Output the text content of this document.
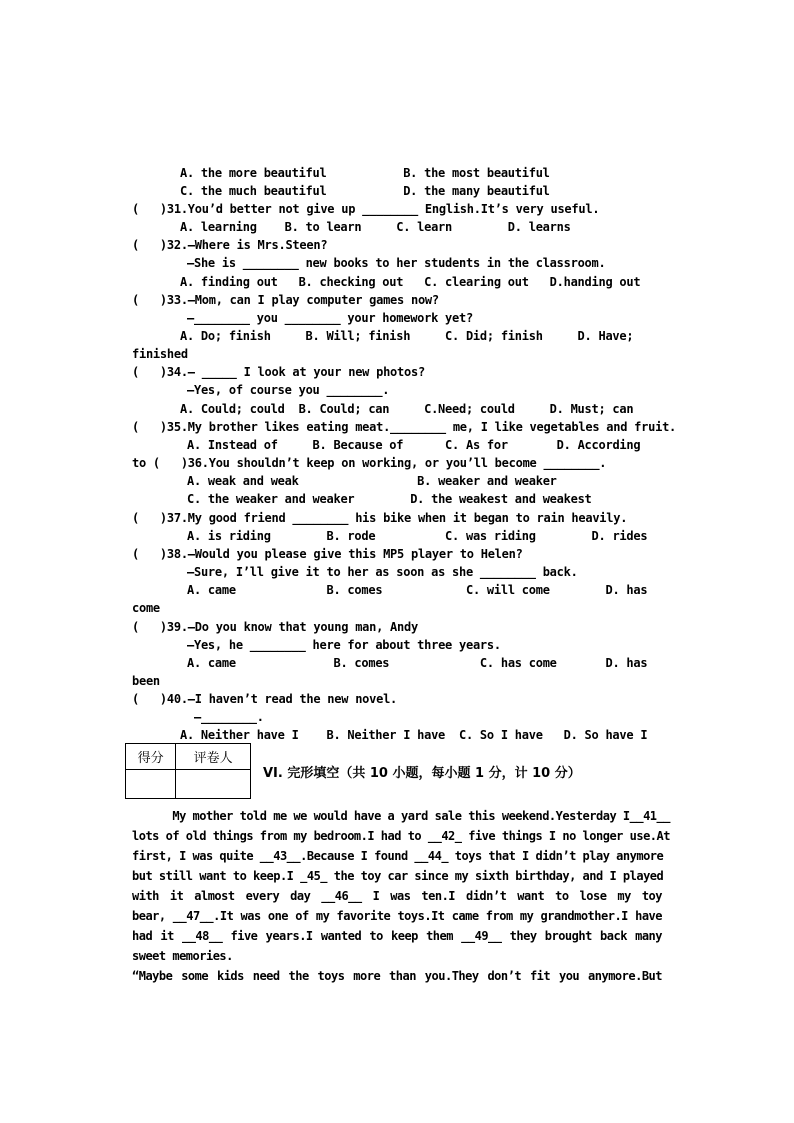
A. the more beautiful           B. the most beautiful
C. the much beautiful           D. the many beautiful
(   )31.You’d better not give up ________ English.It’s very useful.
A. learning    B. to learn     C. learn        D. learns
(   )32.—Where is Mrs.Steen?
—She is ________ new books to her students in the classroom.
A. finding out   B. checking out   C. clearing out   D.handing out
(   )33.—Mom, can I play computer games now?
—________ you ________ your homework yet?
A. Do; finish     B. Will; finish     C. Did; finish     D. Have;
finished
(   )34.— _____ I look at your new photos?
—Yes, of course you ________.
A. Could; could  B. Could; can     C.Need; could     D. Must; can
(   )35.My brother likes eating meat.________ me, I like vegetables and fruit.
A. Instead of     B. Because of      C. As for       D. According
to (   )36.You shouldn’t keep on working, or you’ll become ________.
A. weak and weak                 B. weaker and weaker
C. the weaker and weaker        D. the weakest and weakest
(   )37.My good friend ________ his bike when it began to rain heavily.
A. is riding        B. rode          C. was riding        D. rides
(   )38.—Would you please give this MP5 player to Helen?
—Sure, I’ll give it to her as soon as she ________ back.
A. came             B. comes            C. will come        D. has
come
(   )39.—Do you know that young man, Andy
—Yes, he ________ here for about three years.
A. came              B. comes             C. has come       D. has
been
(   )40.—I haven’t read the new novel.
—________.
A. Neither have I    B. Neither I have  C. So I have   D. So have I
得分	评卷人

VI. 完形填空（共 10 小题，每小题 1 分，计 10 分）
My mother told me we would have a yard sale this weekend.Yesterday I__41__
lots of old things from my bedroom.I had to __42_ five things I no longer use.At
first, I was quite __43__.Because I found __44_ toys that I didn’t play anymore
but still want to keep.I _45_ the toy car since my sixth birthday, and I played
with it almost every day __46__ I was ten.I didn’t want to lose my toy
bear, __47__.It was one of my favorite toys.It came from my grandmother.I have
had it __48__ five years.I wanted to keep them __49__ they brought back many
sweet memories.
“Maybe some kids need the toys more than you.They don’t fit you anymore.But
